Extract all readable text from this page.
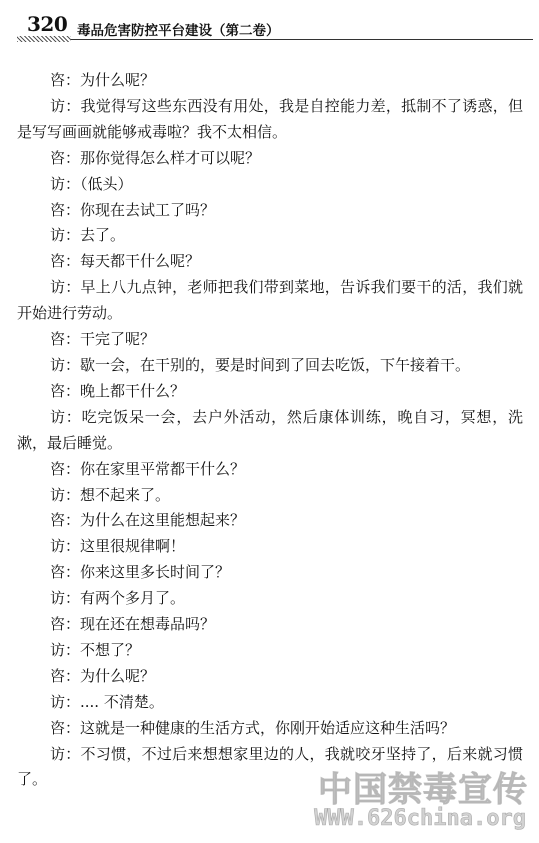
320 毒品危害防控平台建设（第二卷）

咨：为什么呢？

访：我觉得写这些东西没有用处，我是自控能力差，抵制不了诱惑，但是写写画画就能够戒毒啦？我不太相信。

咨：那你觉得怎么样才可以呢？

访：（低头）

咨：你现在去试工了吗？

访：去了。

咨：每天都干什么呢？

访：早上八九点钟，老师把我们带到菜地，告诉我们要干的活，我们就开始进行劳动。

咨：干完了呢？

访：歇一会，在干别的，要是时间到了回去吃饭，下午接着干。

咨：晚上都干什么？

访：吃完饭呆一会，去户外活动，然后康体训练，晚自习，冥想，洗漱，最后睡觉。

咨：你在家里平常都干什么？

访：想不起来了。

咨：为什么在这里能想起来？

访：这里很规律啊！

咨：你来这里多长时间了？

访：有两个多月了。

咨：现在还在想毒品吗？

访：不想了？

咨：为什么呢？

访：.... 不清楚。

咨：这就是一种健康的生活方式，你刚开始适应这种生活吗？

访：不习惯，不过后来想想家里边的人，我就咬牙坚持了，后来就习惯了。	中国禁毒宣传
WWW.626china.org
